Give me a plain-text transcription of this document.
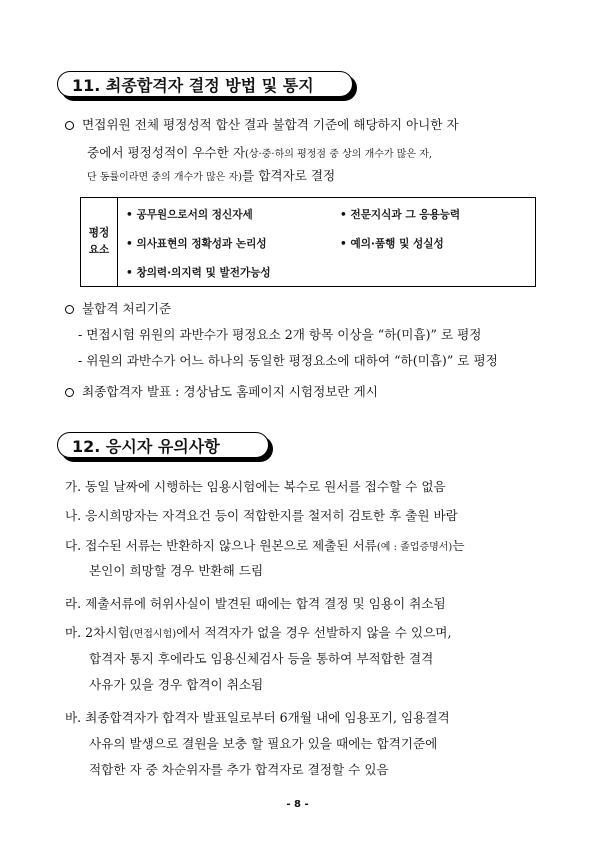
11. 최종합격자 결정 방법 및 통지
면접위원 전체 평정성적 합산 결과 불합격 기준에 해당하지 아니한 자
중에서 평정성적이 우수한 자(상·중·하의 평정점 중 상의 개수가 많은 자,
단 동률이라면 중의 개수가 많은 자)를 합격자로 결정
평정
요소

• 공무원으로서의 정신자세	• 전문지식과 그 응용능력
• 의사표현의 정확성과 논리성	• 예의·품행 및 성실성
• 창의력·의지력 및 발전가능성
불합격 처리기준
- 면접시험 위원의 과반수가 평정요소 2개 항목 이상을 “하(미흡)” 로 평정
- 위원의 과반수가 어느 하나의 동일한 평정요소에 대하여 “하(미흡)” 로 평정
최종합격자 발표 : 경상남도 홈페이지 시험정보란 게시
12. 응시자 유의사항
가. 동일 날짜에 시행하는 임용시험에는 복수로 원서를 접수할 수 없음
나. 응시희망자는 자격요건 등이 적합한지를 철저히 검토한 후 출원 바람
다. 접수된 서류는 반환하지 않으나 원본으로 제출된 서류(예 : 졸업증명서)는
본인이 희망할 경우 반환해 드림
라. 제출서류에 허위사실이 발견된 때에는 합격 결정 및 임용이 취소됨
마. 2차시험(면접시험)에서 적격자가 없을 경우 선발하지 않을 수 있으며,
합격자 통지 후에라도 임용신체검사 등을 통하여 부적합한 결격
사유가 있을 경우 합격이 취소됨
바. 최종합격자가 합격자 발표일로부터 6개월 내에 임용포기, 임용결격
사유의 발생으로 결원을 보충 할 필요가 있을 때에는 합격기준에
적합한 자 중 차순위자를 추가 합격자로 결정할 수 있음
- 8 -
